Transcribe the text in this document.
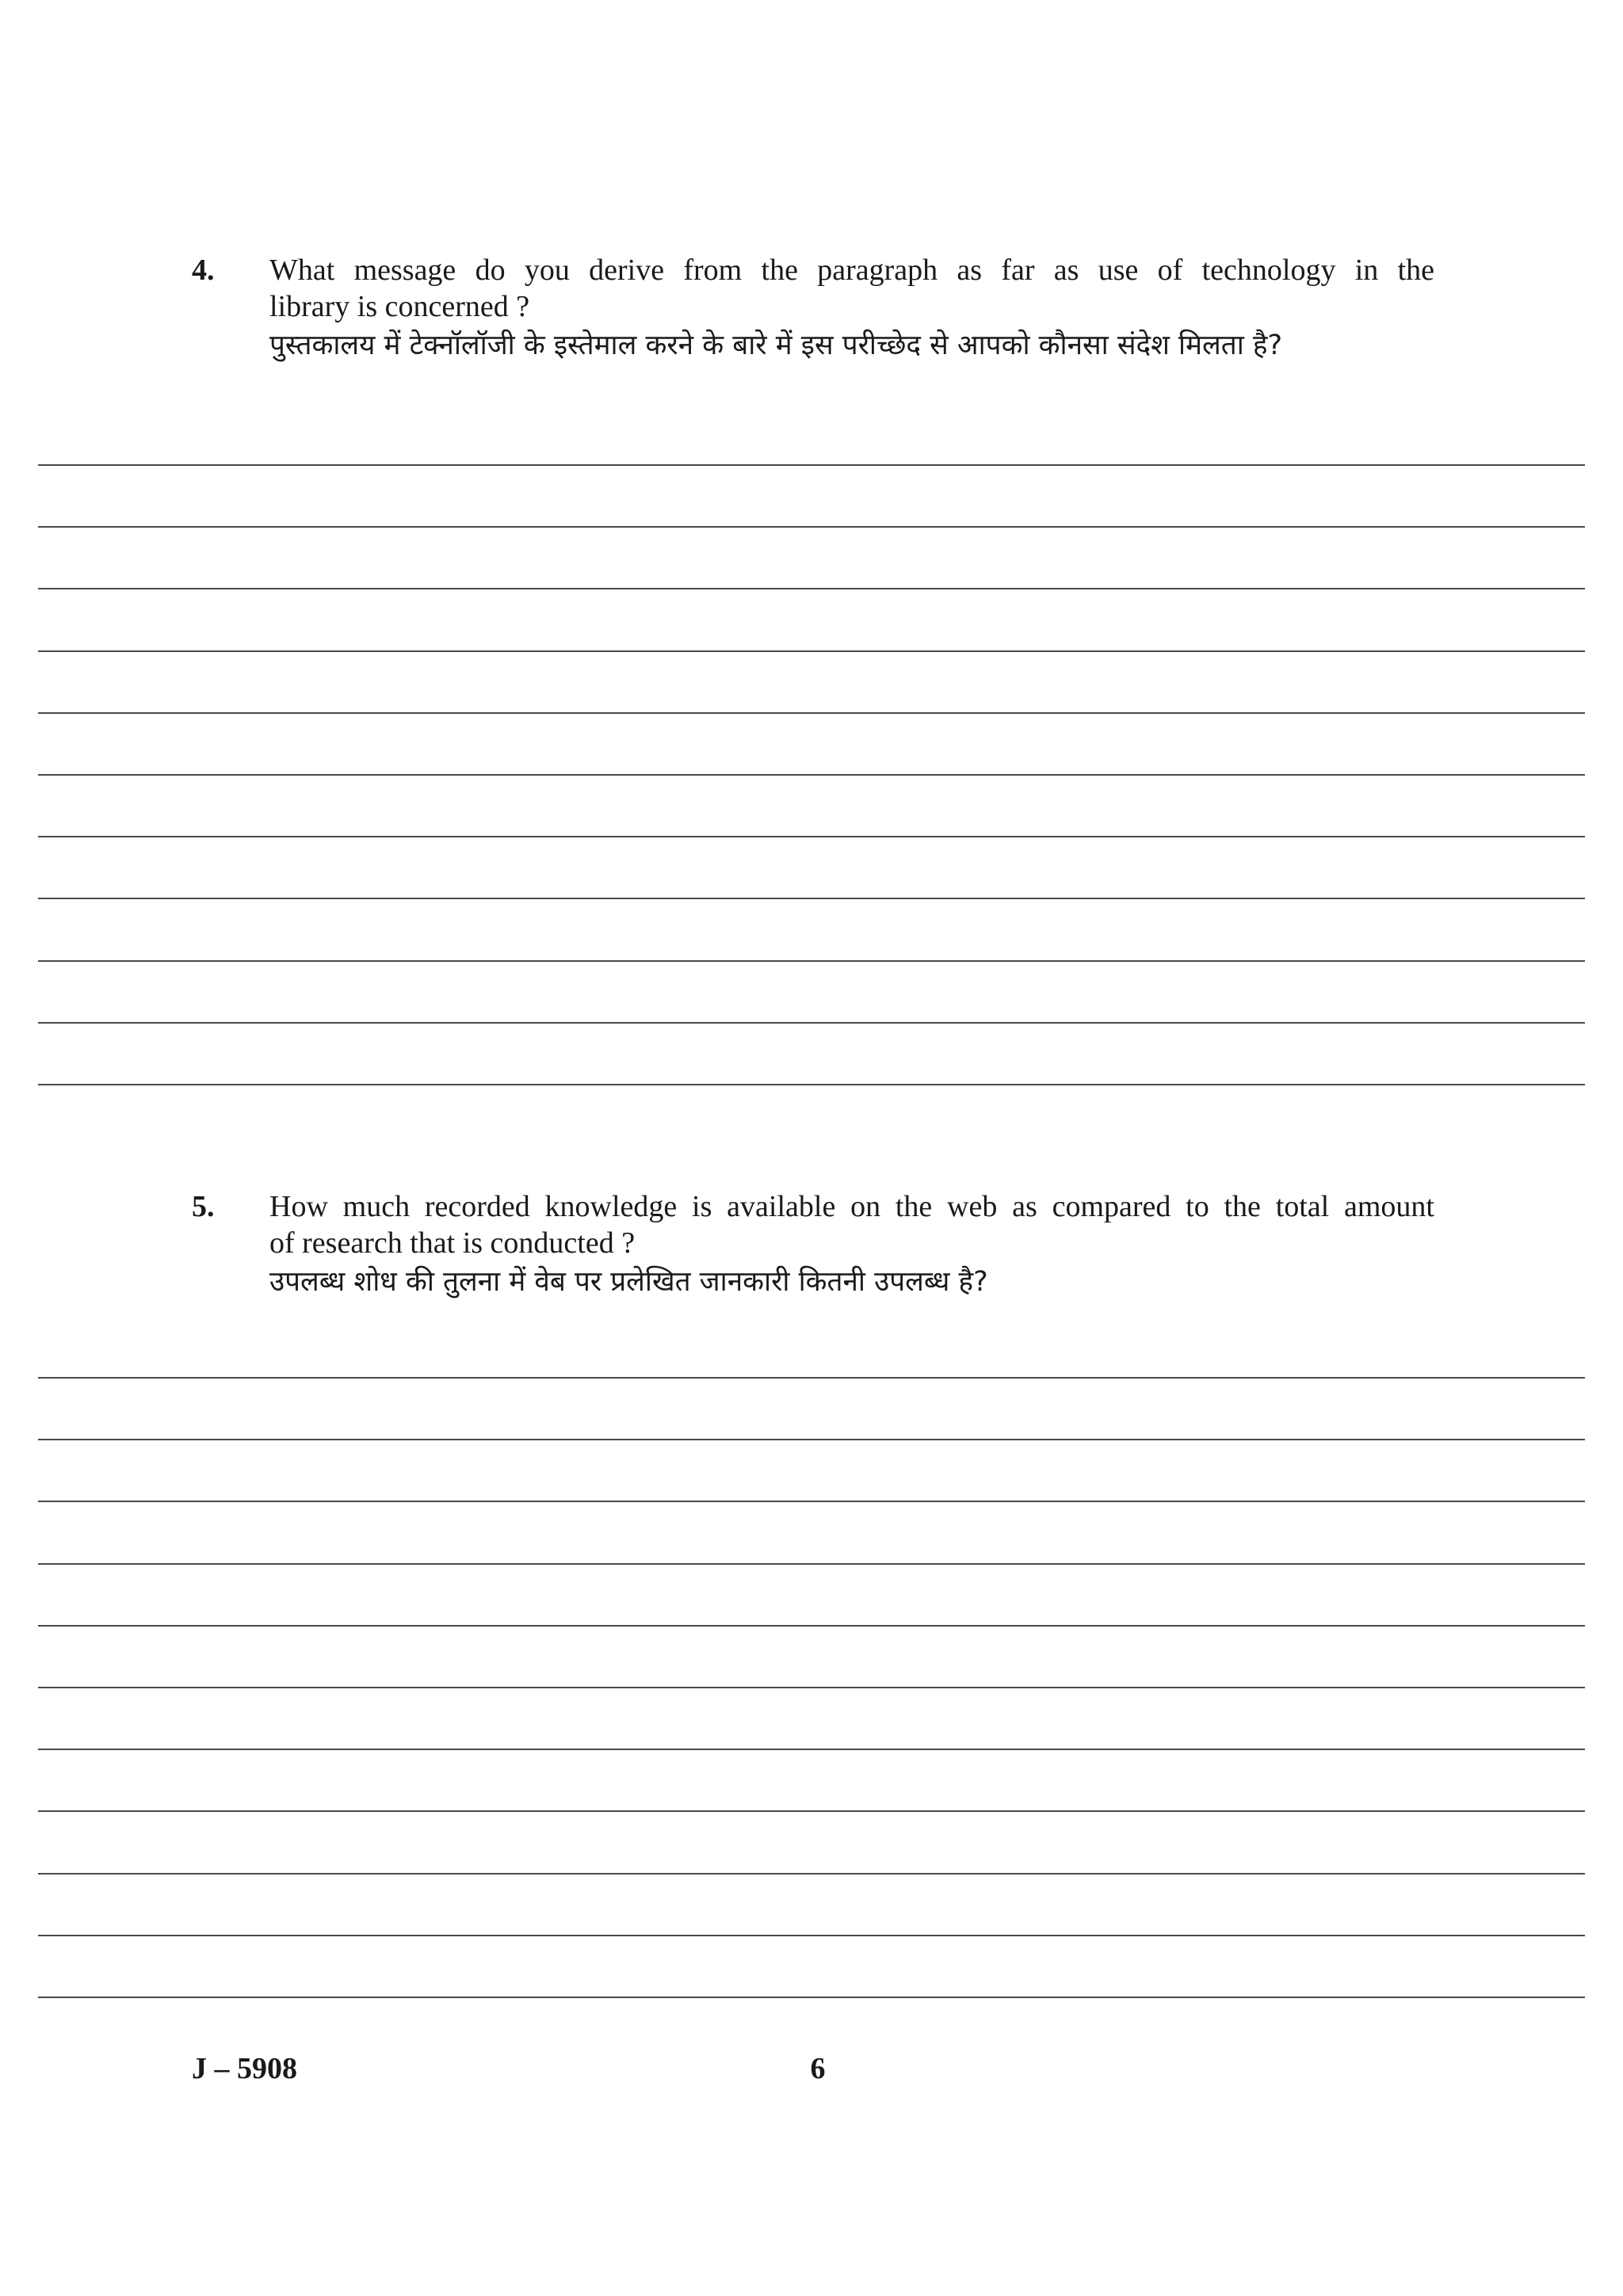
4. What message do you derive from the paragraph as far as use of technology in the
library is concerned ?
पुस्तकालय में टेक्नॉलॉजी के इस्तेमाल करने के बारे में इस परीच्छेद से आपको कौनसा संदेश मिलता है?
5. How much recorded knowledge is available on the web as compared to the total amount
of research that is conducted ?
उपलब्ध शोध की तुलना में वेब पर प्रलेखित जानकारी कितनी उपलब्ध है?
J – 5908	6
